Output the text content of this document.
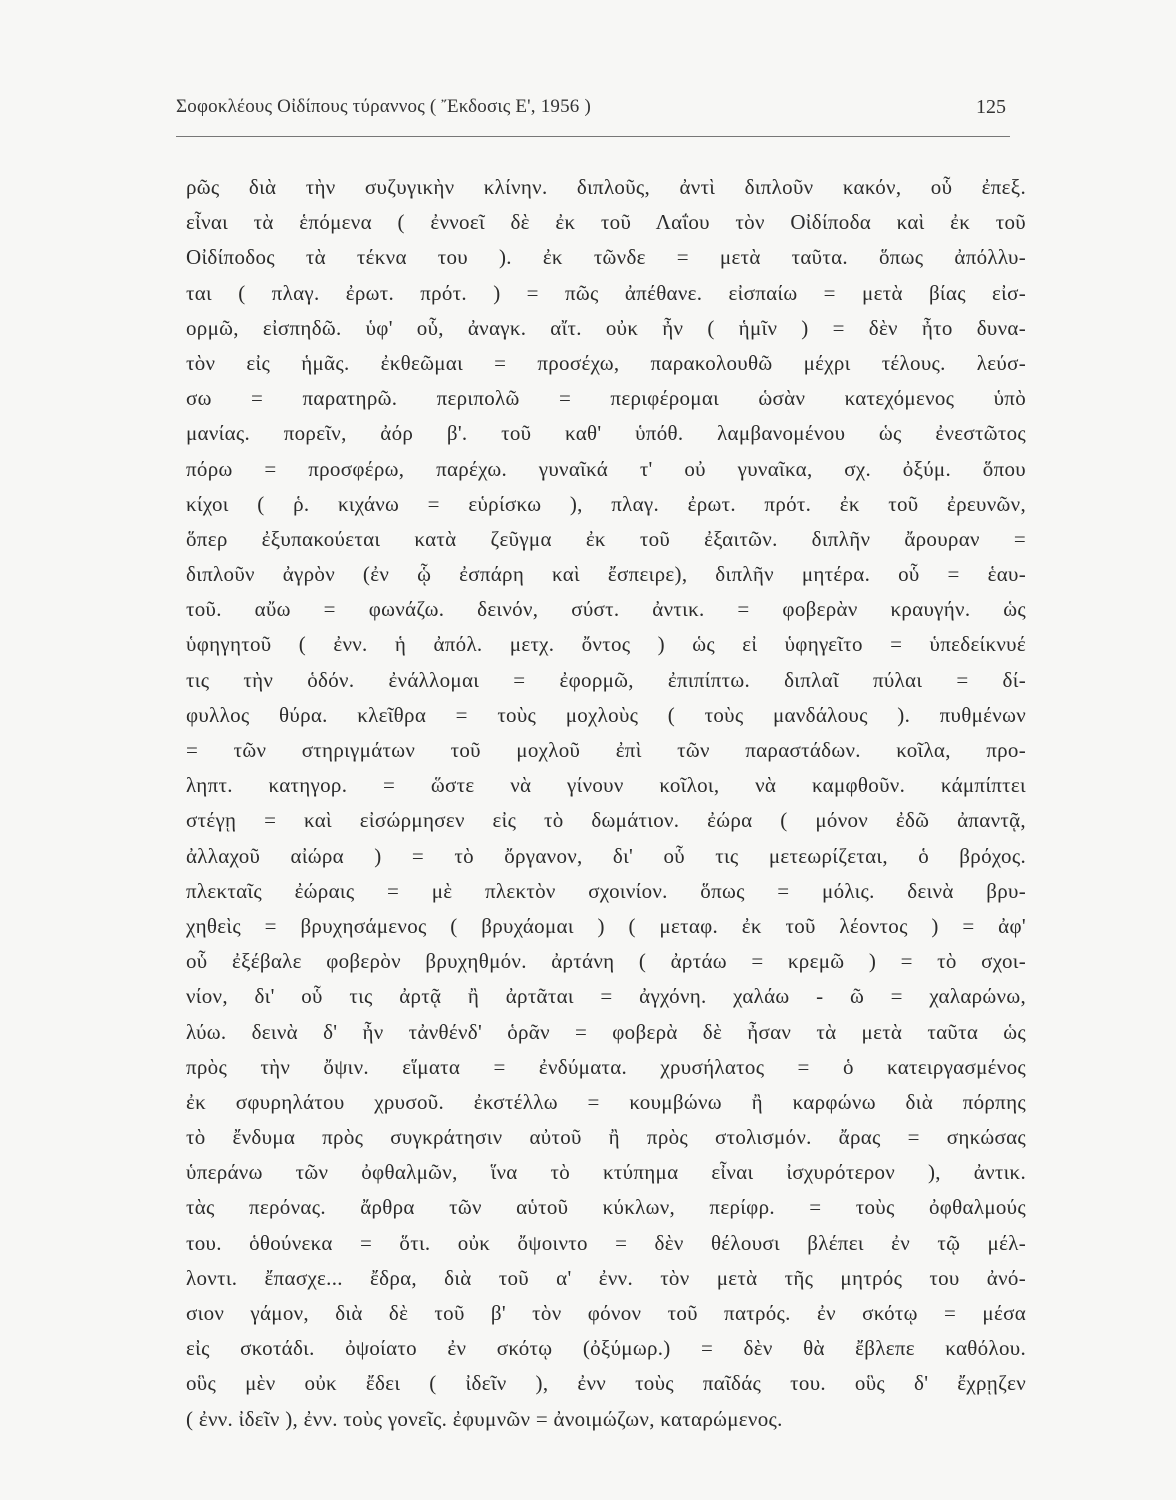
Σοφοκλέους Οἰδίπους τύραννος ( Ἔκδοσις Ε', 1956 )	125
ρῶς διὰ τὴν συζυγικὴν κλίνην. διπλοῦς, ἀντὶ διπλοῦν κακόν, οὗ ἐπεξ.
εἶναι τὰ ἑπόμενα ( ἐννοεῖ δὲ ἐκ τοῦ Λαΐου τὸν Οἰδίποδα καὶ ἐκ τοῦ
Οἰδίποδος τὰ τέκνα του ). ἐκ τῶνδε = μετὰ ταῦτα. ὅπως ἀπόλλυ-
ται ( πλαγ. ἐρωτ. πρότ. ) = πῶς ἀπέθανε. εἰσπαίω = μετὰ βίας εἰσ-
ορμῶ, εἰσπηδῶ. ὑφ' οὗ, ἀναγκ. αἴτ. οὐκ ἦν ( ἡμῖν ) = δὲν ἦτο δυνα-
τὸν εἰς ἡμᾶς. ἐκθεῶμαι = προσέχω, παρακολουθῶ μέχρι τέλους. λεύσ-
σω = παρατηρῶ. περιπολῶ = περιφέρομαι ὡσὰν κατεχόμενος ὑπὸ
μανίας. πορεῖν, ἀόρ β'. τοῦ καθ' ὑπόθ. λαμβανομένου ὡς ἐνεστῶτος
πόρω = προσφέρω, παρέχω. γυναῖκά τ' οὐ γυναῖκα, σχ. ὀξύμ. ὅπου
κίχοι ( ῥ. κιχάνω = εὑρίσκω ), πλαγ. ἐρωτ. πρότ. ἐκ τοῦ ἐρευνῶν,
ὅπερ ἐξυπακούεται κατὰ ζεῦγμα ἐκ τοῦ ἐξαιτῶν. διπλῆν ἄρουραν =
διπλοῦν ἀγρὸν (ἐν ᾧ ἐσπάρη καὶ ἔσπειρε), διπλῆν μητέρα. οὗ = ἑαυ-
τοῦ. αὔω = φωνάζω. δεινόν, σύστ. ἀντικ. = φοβερὰν κραυγήν. ὡς
ὑφηγητοῦ ( ἐνν. ἡ ἀπόλ. μετχ. ὄντος ) ὡς εἰ ὑφηγεῖτο = ὑπεδείκνυέ
τις τὴν ὁδόν. ἐνάλλομαι = ἐφορμῶ, ἐπιπίπτω. διπλαῖ πύλαι = δί-
φυλλος θύρα. κλεῖθρα = τοὺς μοχλοὺς ( τοὺς μανδάλους ). πυθμένων
= τῶν στηριγμάτων τοῦ μοχλοῦ ἐπὶ τῶν παραστάδων. κοῖλα, προ-
ληπτ. κατηγορ. = ὥστε νὰ γίνουν κοῖλοι, νὰ καμφθοῦν. κάμπίπτει
στέγῃ = καὶ εἰσώρμησεν εἰς τὸ δωμάτιον. ἐώρα ( μόνον ἐδῶ ἀπαντᾷ,
ἀλλαχοῦ αἰώρα ) = τὸ ὄργανον, δι' οὗ τις μετεωρίζεται, ὁ βρόχος.
πλεκταῖς ἐώραις = μὲ πλεκτὸν σχοινίον. ὅπως = μόλις. δεινὰ βρυ-
χηθεὶς = βρυχησάμενος ( βρυχάομαι ) ( μεταφ. ἐκ τοῦ λέοντος ) = ἀφ'
οὗ ἐξέβαλε φοβερὸν βρυχηθμόν. ἀρτάνη ( ἀρτάω = κρεμῶ ) = τὸ σχοι-
νίον, δι' οὗ τις ἀρτᾷ ἢ ἀρτᾶται = ἀγχόνη. χαλάω - ῶ = χαλαρώνω,
λύω. δεινὰ δ' ἦν τἀνθένδ' ὁρᾶν = φοβερὰ δὲ ἦσαν τὰ μετὰ ταῦτα ὡς
πρὸς τὴν ὄψιν. εἵματα = ἐνδύματα. χρυσήλατος = ὁ κατειργασμένος
ἐκ σφυρηλάτου χρυσοῦ. ἐκστέλλω = κουμβώνω ἢ καρφώνω διὰ πόρπης
τὸ ἔνδυμα πρὸς συγκράτησιν αὐτοῦ ἢ πρὸς στολισμόν. ἄρας = σηκώσας
ὑπεράνω τῶν ὀφθαλμῶν, ἵνα τὸ κτύπημα εἶναι ἰσχυρότερον ), ἀντικ.
τὰς περόνας. ἄρθρα τῶν αὑτοῦ κύκλων, περίφρ. = τοὺς ὀφθαλμούς
του. ὁθούνεκα = ὅτι. οὐκ ὄψοιντο = δὲν θέλουσι βλέπει ἐν τῷ μέλ-
λοντι. ἔπασχε... ἔδρα, διὰ τοῦ α' ἐνν. τὸν μετὰ τῆς μητρός του ἀνό-
σιον γάμον, διὰ δὲ τοῦ β' τὸν φόνον τοῦ πατρός. ἐν σκότῳ = μέσα
εἰς σκοτάδι. ὀψοίατο ἐν σκότῳ (ὀξύμωρ.) = δὲν θὰ ἔβλεπε καθόλου.
οὓς μὲν οὐκ ἔδει ( ἰδεῖν ), ἐνν τοὺς παῖδάς του. οὓς δ' ἔχρῃζεν
( ἐνν. ἰδεῖν ), ἐνν. τοὺς γονεῖς. ἐφυμνῶν = ἀνοιμώζων, καταρώμενος.
